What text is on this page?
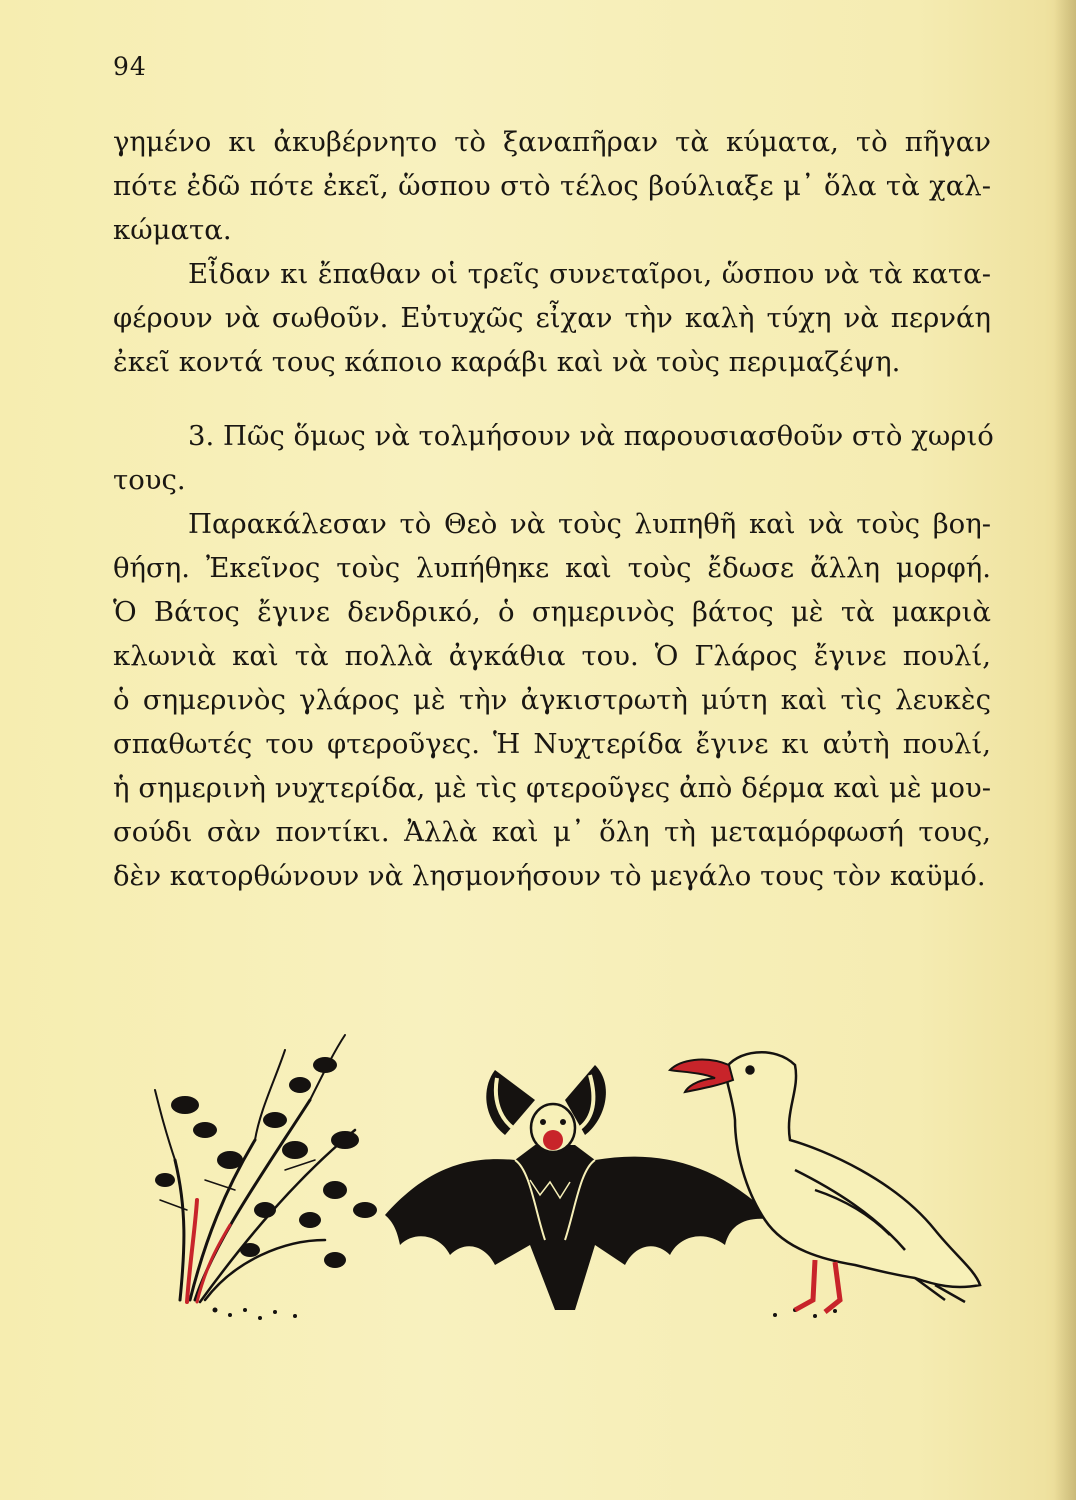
94
γημένο κι ἀκυβέρνητο τὸ ξαναπῆραν τὰ κύματα, τὸ πῆγαν
πότε ἐδῶ πότε ἐκεῖ, ὥσπου στὸ τέλος βούλιαξε μ᾽ ὅλα τὰ χαλ-
κώματα.
Εἶδαν κι ἔπαθαν οἱ τρεῖς συνεταῖροι, ὥσπου νὰ τὰ κατα-
φέρουν νὰ σωθοῦν. Εὐτυχῶς εἶχαν τὴν καλὴ τύχη νὰ περνάη
ἐκεῖ κοντά τους κάποιο καράβι καὶ νὰ τοὺς περιμαζέψη.
3. Πῶς ὅμως νὰ τολμήσουν νὰ παρουσιασθοῦν στὸ χωριό
τους.
Παρακάλεσαν τὸ Θεὸ νὰ τοὺς λυπηθῆ καὶ νὰ τοὺς βοη-
θήση. Ἐκεῖνος τοὺς λυπήθηκε καὶ τοὺς ἔδωσε ἄλλη μορφή.
Ὁ Βάτος ἔγινε δενδρικό, ὁ σημερινὸς βάτος μὲ τὰ μακριὰ
κλωνιὰ καὶ τὰ πολλὰ ἀγκάθια του. Ὁ Γλάρος ἔγινε πουλί,
ὁ σημερινὸς γλάρος μὲ τὴν ἀγκιστρωτὴ μύτη καὶ τὶς λευκὲς
σπαθωτές του φτεροῦγες. Ἡ Νυχτερίδα ἔγινε κι αὐτὴ πουλί,
ἡ σημερινὴ νυχτερίδα, μὲ τὶς φτεροῦγες ἀπὸ δέρμα καὶ μὲ μου-
σούδι σὰν ποντίκι. Ἀλλὰ καὶ μ᾽ ὅλη τὴ μεταμόρφωσή τους,
δὲν κατορθώνουν νὰ λησμονήσουν τὸ μεγάλο τους τὸν καϋμό.
